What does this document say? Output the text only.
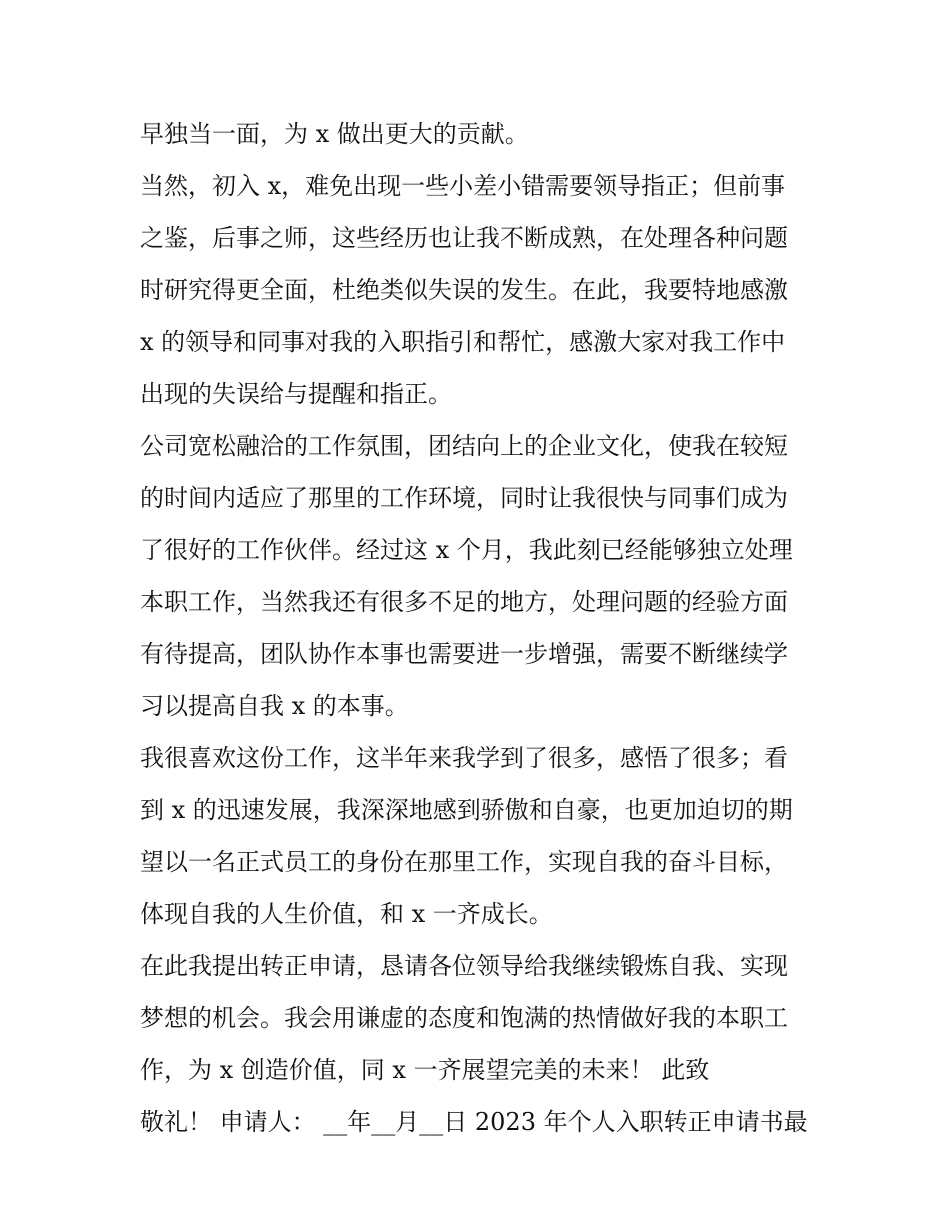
早独当一面，为 x 做出更大的贡献。
当然，初入 x，难免出现一些小差小错需要领导指正；但前事
之鉴，后事之师，这些经历也让我不断成熟，在处理各种问题
时研究得更全面，杜绝类似失误的发生。在此，我要特地感激
x 的领导和同事对我的入职指引和帮忙，感激大家对我工作中
出现的失误给与提醒和指正。
公司宽松融洽的工作氛围，团结向上的企业文化，使我在较短
的时间内适应了那里的工作环境，同时让我很快与同事们成为
了很好的工作伙伴。经过这 x 个月，我此刻已经能够独立处理
本职工作，当然我还有很多不足的地方，处理问题的经验方面
有待提高，团队协作本事也需要进一步增强，需要不断继续学
习以提高自我 x 的本事。
我很喜欢这份工作，这半年来我学到了很多，感悟了很多；看
到 x 的迅速发展，我深深地感到骄傲和自豪，也更加迫切的期
望以一名正式员工的身份在那里工作，实现自我的奋斗目标，
体现自我的人生价值，和 x 一齐成长。
在此我提出转正申请，恳请各位领导给我继续锻炼自我、实现
梦想的机会。我会用谦虚的态度和饱满的热情做好我的本职工
作，为 x 创造价值，同 x 一齐展望完美的未来！ 此致
敬礼！ 申请人： __年__月__日 2023 年个人入职转正申请书最
